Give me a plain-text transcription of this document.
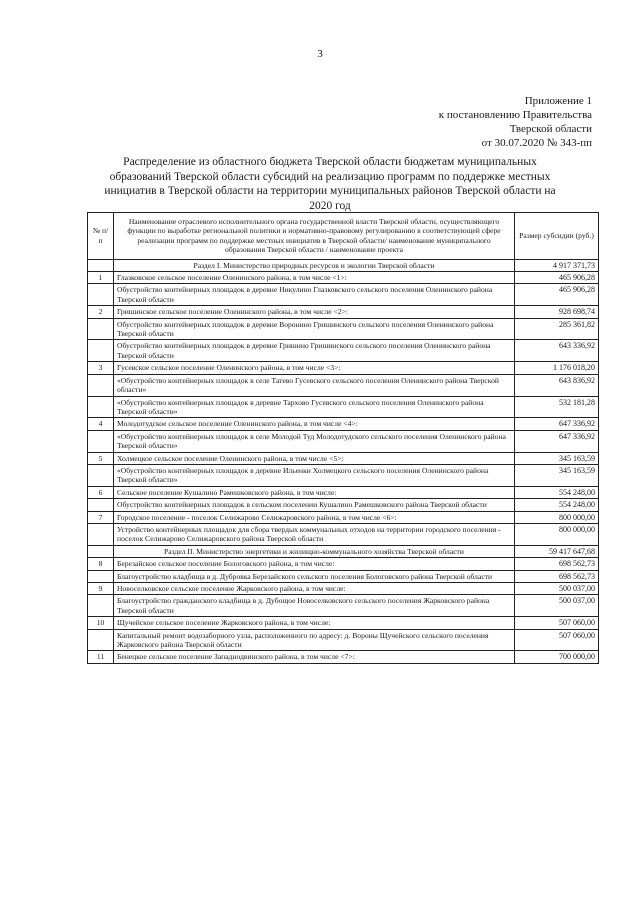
3
Приложение 1
к постановлению Правительства
Тверской области
от 30.07.2020 № 343-пп
Распределение из областного бюджета Тверской области бюджетам муниципальных образований Тверской области субсидий на реализацию программ по поддержке местных инициатив в Тверской области на территории муниципальных районов Тверской области на 2020 год
№ п/п	Наименование отраслевого исполнительного органа государственной власти Тверской области, осуществляющего функции по выработке региональной политики и нормативно-правовому регулированию в соответствующей сфере реализации программ по поддержке местных инициатив в Тверской области/ наименование муниципального образования Тверской области / наименование проекта	Размер субсидии (руб.)
	Раздел I. Министерство природных ресурсов и экологии Тверской области	4 917 371,73
1	Глазковское сельское поселение Оленинского района, в том числе <1>:	465 906,28
	Обустройство контейнерных площадок в деревне Никулино Глазковского сельского поселения Оленинского района Тверской области	465 906,28
2	Гришинское сельское поселение Оленинского района, в том числе <2>:	928 698,74
	Обустройство контейнерных площадок в деревне Воронино Гришинского сельского поселения Оленинского района Тверской области	285 361,82
	Обустройство контейнерных площадок в деревне Гришино Гришинского сельского поселения Оленинского района Тверской области	643 336,92
3	Гусевское сельское поселение Оленинского района, в том числе <3>:	1 176 018,20
	«Обустройство контейнерных площадок в селе Татево Гусевского сельского поселения Оленинского района Тверской области»	643 836,92
	«Обустройство контейнерных площадок в деревне Тархово Гусевского сельского поселения Оленинского района Тверской области»	532 181,28
4	Молодотудское сельское поселение Оленинского района, в том числе <4>:	647 336,92
	«Обустройство контейнерных площадок в селе Молодой Туд Молодотудского сельского поселения Оленинского района Тверской области»	647 336,92
5	Холмецкое сельское поселение Оленинского района, в том числе <5>:	345 163,59
	«Обустройство контейнерных площадок в деревне Ильенки Холмецкого сельского поселения Оленинского района Тверской области»	345 163,59
6	Сельское поселение Кушалино Рамешковского района, в том числе:	554 248,00
	Обустройство контейнерных площадок в сельском поселении Кушалино Рамешковского района Тверской области	554 248,00
7	Городское поселение - поселок Селижарово Селижаровского района, в том числе <6>:	800 000,00
	Устройство контейнерных площадок для сбора твердых коммунальных отходов на территории городского поселения - поселок Селижарово Селижаровского района Тверской области	800 000,00
	Раздел II. Министерство энергетики и жилищно-коммунального хозяйства Тверской области	59 417 647,68
8	Березайское сельское поселение Бологовского района, в том числе:	698 562,73
	Благоустройство кладбища в д. Дубровка Березайского сельского поселения Бологовского района Тверской области	698 562,73
9	Новоселковское сельское поселение Жарковского района, в том числе:	500 037,00
	Благоустройство гражданского кладбища в д. Дубощое Новоселковского сельского поселения Жарковского района Тверской области	500 037,00
10	Щучейское сельское поселение Жарковского района, в том числе:	507 060,00
	Капитальный ремонт водозаборного узла, расположенного по адресу: д. Вороны Щучейского сельского поселения Жарковского района Тверской области	507 060,00
11	Бенецкое сельское поселение Западнодвинского района, в том числе <7>:	700 000,00
